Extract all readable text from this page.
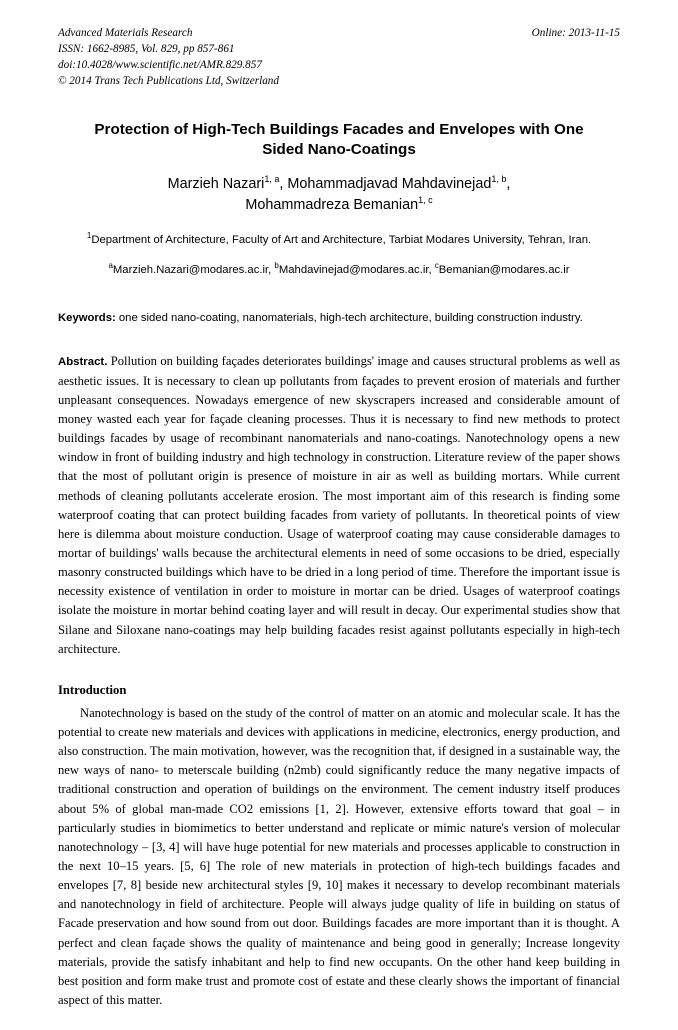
Advanced Materials Research
ISSN: 1662-8985, Vol. 829, pp 857-861
doi:10.4028/www.scientific.net/AMR.829.857
© 2014 Trans Tech Publications Ltd, Switzerland
Online: 2013-11-15
Protection of High-Tech Buildings Facades and Envelopes with One Sided Nano-Coatings
Marzieh Nazari$^{1, a}$, Mohammadjavad Mahdavinejad$^{1, b}$,
Mohammadreza Bemanian$^{1, c}$
$^1$Department of Architecture, Faculty of Art and Architecture, Tarbiat Modares University, Tehran, Iran.
$^a$Marzieh.Nazari@modares.ac.ir, $^b$Mahdavinejad@modares.ac.ir, $^c$Bemanian@modares.ac.ir
Keywords: one sided nano-coating, nanomaterials, high-tech architecture, building construction industry.
Abstract. Pollution on building façades deteriorates buildings' image and causes structural problems as well as aesthetic issues. It is necessary to clean up pollutants from façades to prevent erosion of materials and further unpleasant consequences. Nowadays emergence of new skyscrapers increased and considerable amount of money wasted each year for façade cleaning processes. Thus it is necessary to find new methods to protect buildings facades by usage of recombinant nanomaterials and nano-coatings. Nanotechnology opens a new window in front of building industry and high technology in construction. Literature review of the paper shows that the most of pollutant origin is presence of moisture in air as well as building mortars. While current methods of cleaning pollutants accelerate erosion. The most important aim of this research is finding some waterproof coating that can protect building facades from variety of pollutants. In theoretical points of view here is dilemma about moisture conduction. Usage of waterproof coating may cause considerable damages to mortar of buildings' walls because the architectural elements in need of some occasions to be dried, especially masonry constructed buildings which have to be dried in a long period of time. Therefore the important issue is necessity existence of ventilation in order to moisture in mortar can be dried. Usages of waterproof coatings isolate the moisture in mortar behind coating layer and will result in decay. Our experimental studies show that Silane and Siloxane nano-coatings may help building facades resist against pollutants especially in high-tech architecture.
Introduction
Nanotechnology is based on the study of the control of matter on an atomic and molecular scale. It has the potential to create new materials and devices with applications in medicine, electronics, energy production, and also construction. The main motivation, however, was the recognition that, if designed in a sustainable way, the new ways of nano- to meterscale building (n2mb) could significantly reduce the many negative impacts of traditional construction and operation of buildings on the environment. The cement industry itself produces about 5% of global man-made CO2 emissions [1, 2]. However, extensive efforts toward that goal – in particularly studies in biomimetics to better understand and replicate or mimic nature's version of molecular nanotechnology – [3, 4] will have huge potential for new materials and processes applicable to construction in the next 10–15 years. [5, 6] The role of new materials in protection of high-tech buildings facades and envelopes [7, 8] beside new architectural styles [9, 10] makes it necessary to develop recombinant materials and nanotechnology in field of architecture. People will always judge quality of life in building on status of Facade preservation and how sound from out door. Buildings facades are more important than it is thought. A perfect and clean façade shows the quality of maintenance and being good in generally; Increase longevity materials, provide the satisfy inhabitant and help to find new occupants. On the other hand keep building in best position and form make trust and promote cost of estate and these clearly shows the important of financial aspect of this matter.
